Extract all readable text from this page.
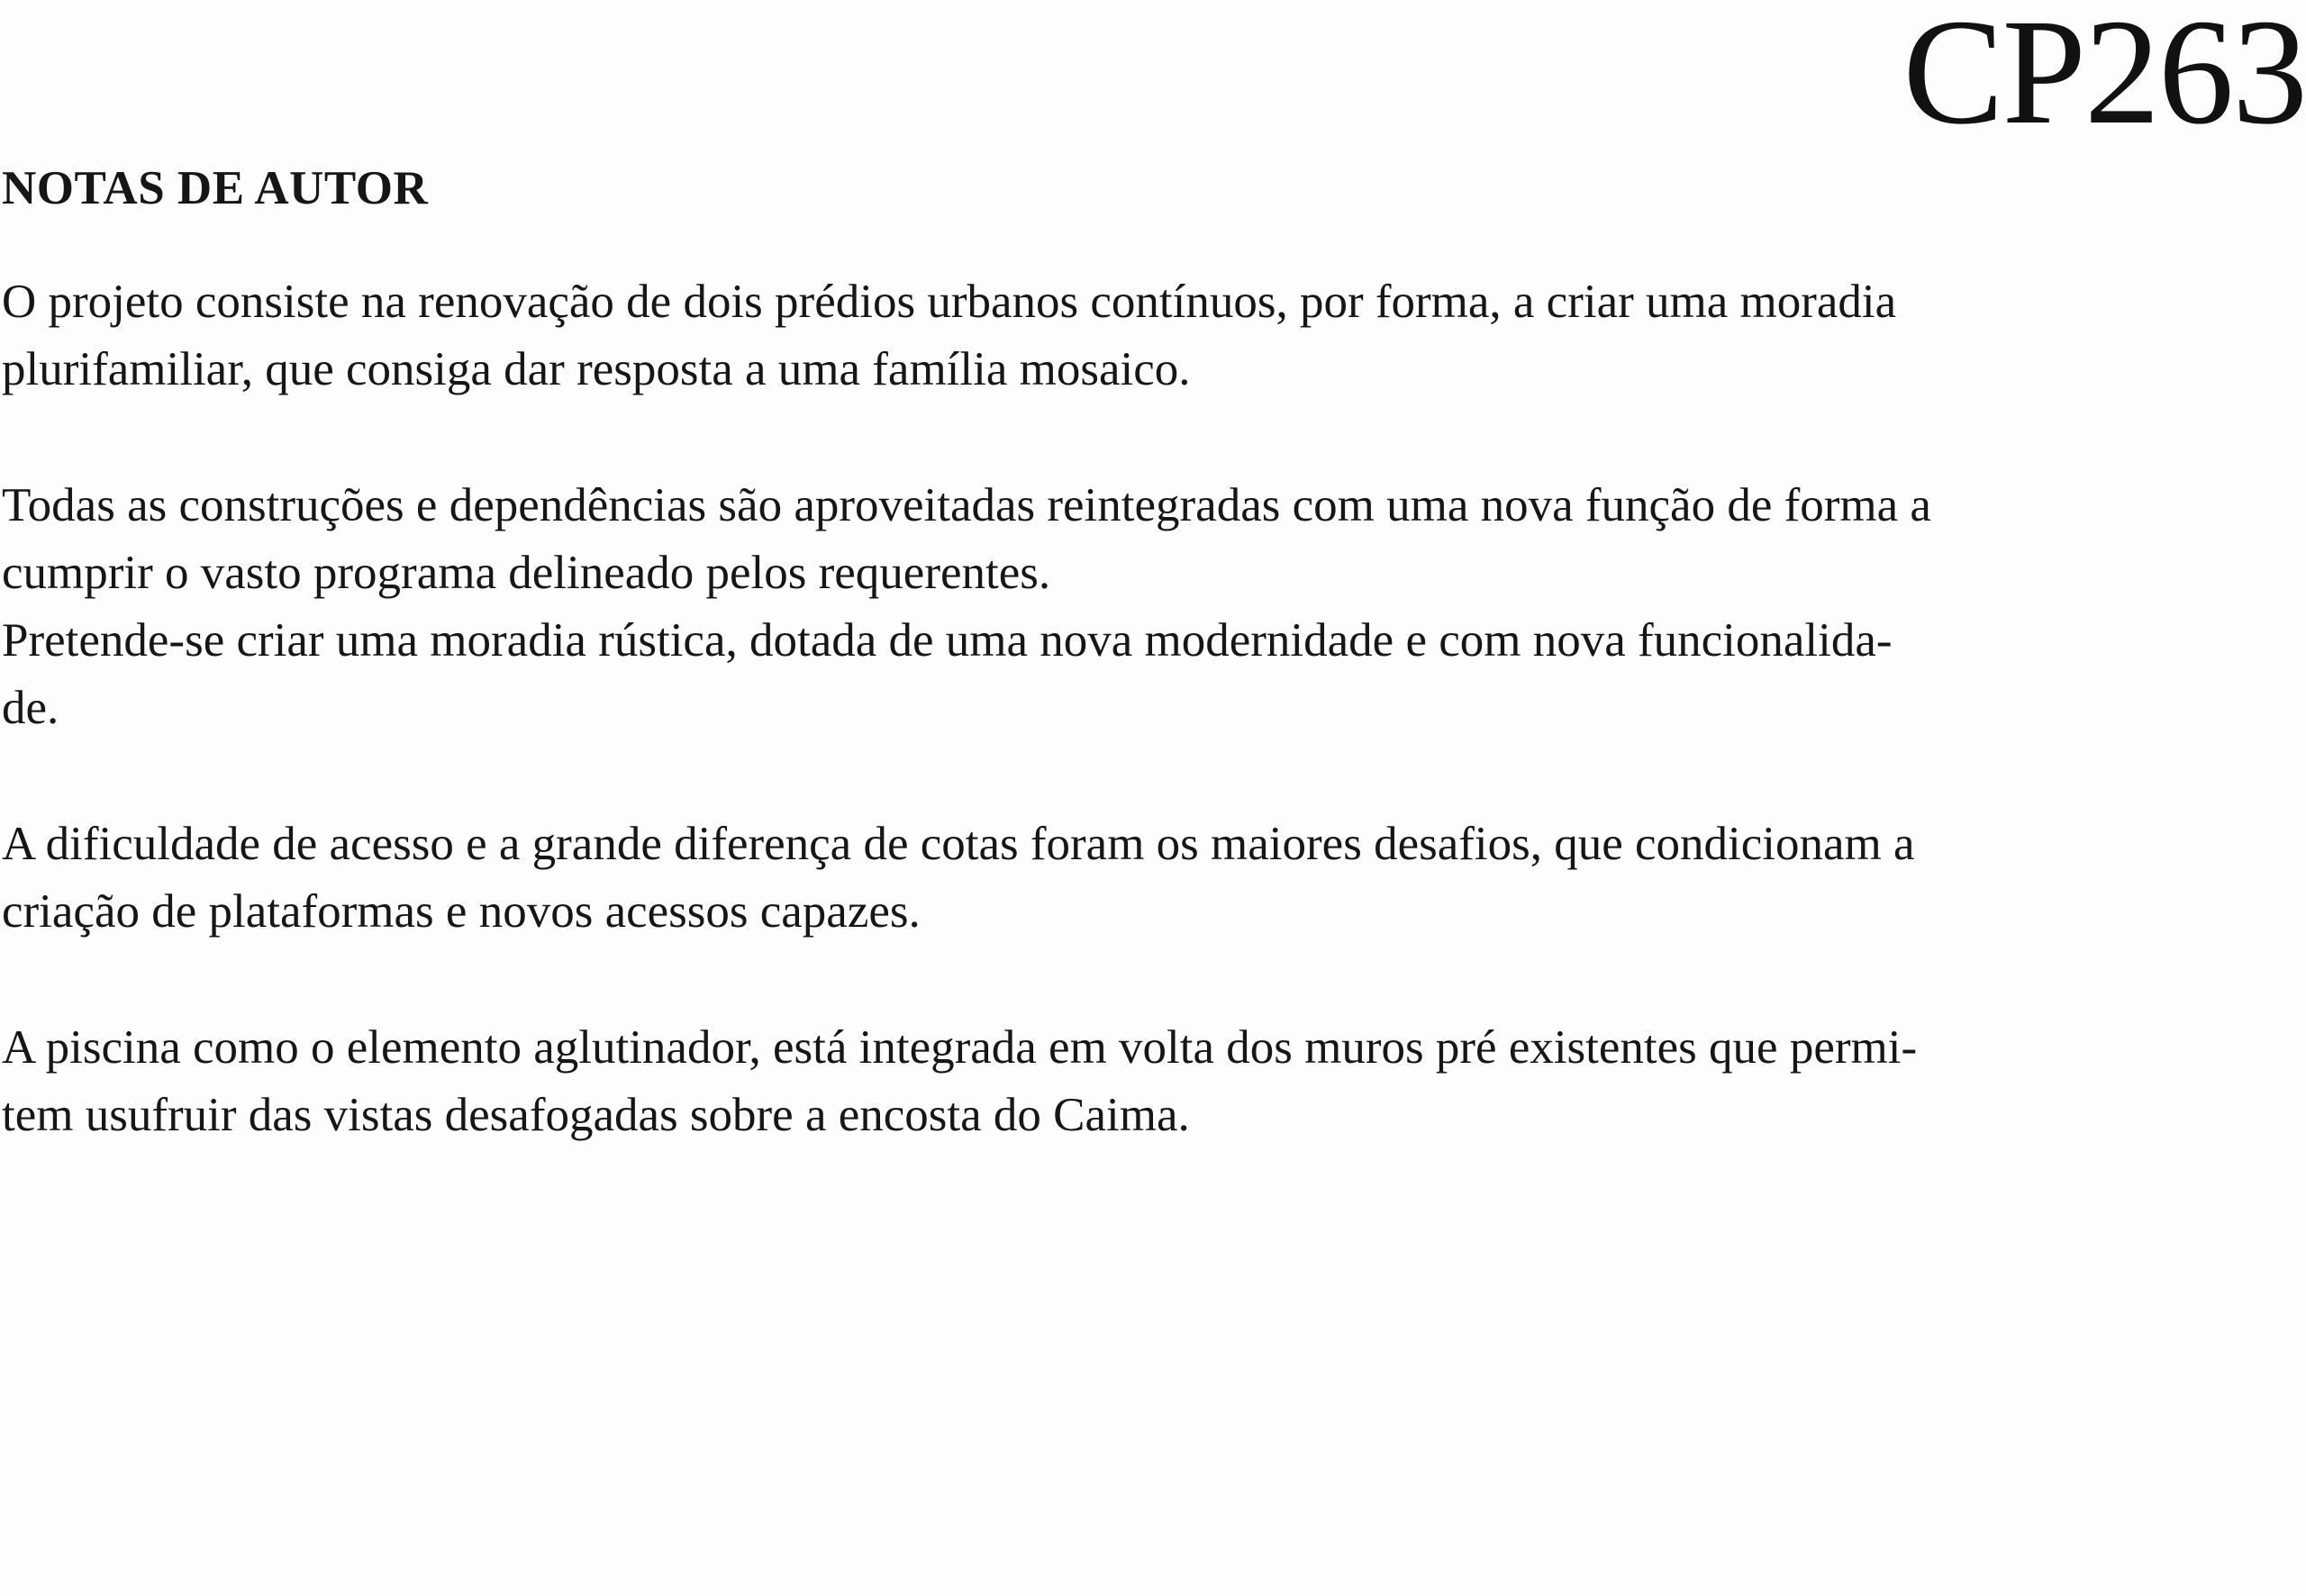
CP263
NOTAS DE AUTOR

O projeto consiste na renovação de dois prédios urbanos contínuos, por forma, a criar uma moradia
plurifamiliar, que consiga dar resposta a uma família mosaico.

Todas as construções e dependências são aproveitadas reintegradas com uma nova função de forma a
cumprir o vasto programa delineado pelos requerentes.

Pretende-se criar uma moradia rústica, dotada de uma nova modernidade e com nova funcionalida-
de.

A dificuldade de acesso e a grande diferença de cotas foram os maiores desafios, que condicionam a
criação de plataformas e novos acessos capazes.

A piscina como o elemento aglutinador, está integrada em volta dos muros pré existentes que permi-
tem usufruir das vistas desafogadas sobre a encosta do Caima.
